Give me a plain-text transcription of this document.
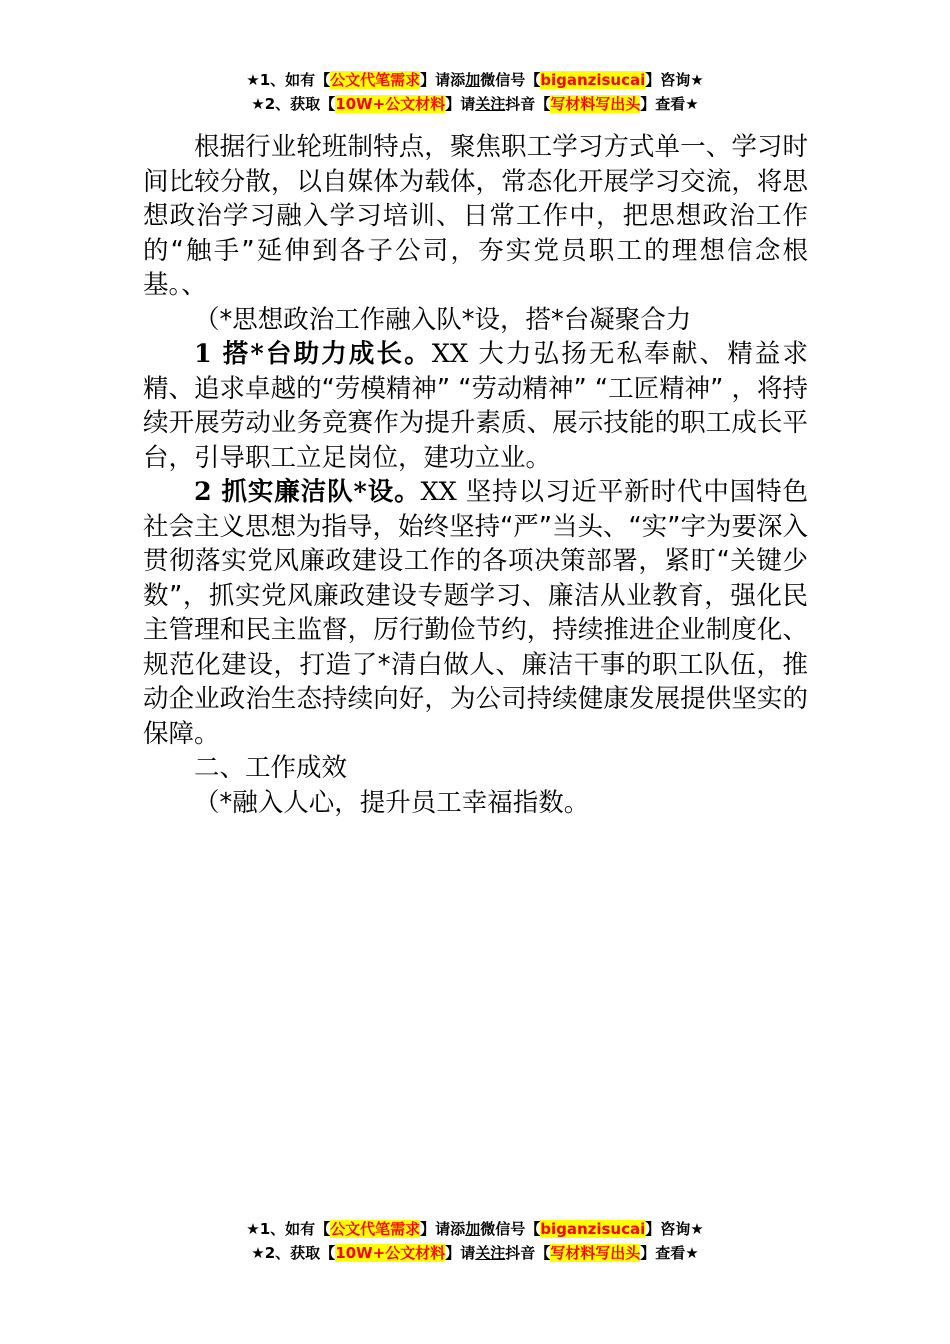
★1、如有【公文代笔需求】请添加微信号【biganzisucai】咨询★
★2、获取【10W+公文材料】请关注抖音【写材料写出头】查看★

根据行业轮班制特点，聚焦职工学习方式单一、学习时间比较分散，以自媒体为载体，常态化开展学习交流，将思想政治学习融入学习培训、日常工作中，把思想政治工作的“触手”延伸到各子公司，夯实党员职工的理想信念根基。、

（*思想政治工作融入队*设，搭*台凝聚合力

1 搭*台助力成长。XX 大力弘扬无私奉献、精益求精、追求卓越的“劳模精神” “劳动精神” “工匠精神” ，将持续开展劳动业务竞赛作为提升素质、展示技能的职工成长平台，引导职工立足岗位，建功立业。

2 抓实廉洁队*设。XX 坚持以习近平新时代中国特色社会主义思想为指导，始终坚持“严”当头、“实”字为要深入贯彻落实党风廉政建设工作的各项决策部署，紧盯“关键少数”，抓实党风廉政建设专题学习、廉洁从业教育，强化民主管理和民主监督，厉行勤俭节约，持续推进企业制度化、规范化建设，打造了*清白做人、廉洁干事的职工队伍，推动企业政治生态持续向好，为公司持续健康发展提供坚实的保障。

二、工作成效

（*融入人心，提升员工幸福指数。

★1、如有【公文代笔需求】请添加微信号【biganzisucai】咨询★
★2、获取【10W+公文材料】请关注抖音【写材料写出头】查看★
